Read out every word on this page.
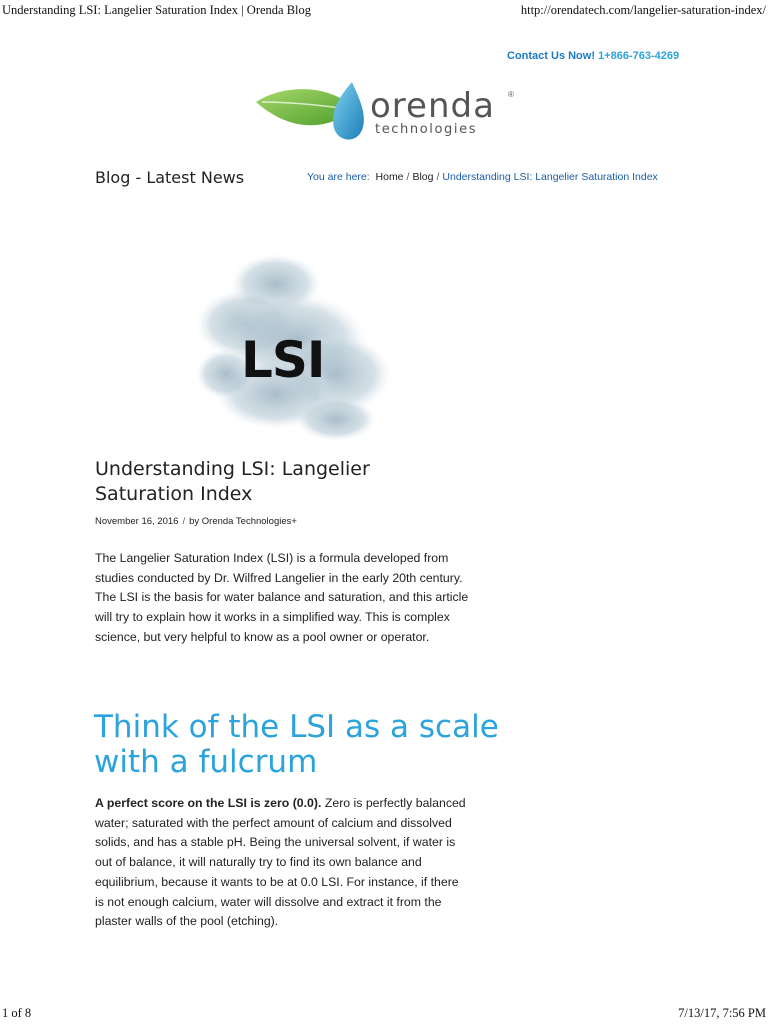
Understanding LSI: Langelier Saturation Index | Orenda Blog	http://orendatech.com/langelier-saturation-index/
Contact Us Now! 1+866-763-4269
orenda ®
technologies
Blog - Latest News	You are here: Home / Blog / Understanding LSI: Langelier Saturation Index
LSI
Understanding LSI: Langelier Saturation Index
November 16, 2016 / by Orenda Technologies+
The Langelier Saturation Index (LSI) is a formula developed from studies conducted by Dr. Wilfred Langelier in the early 20th century. The LSI is the basis for water balance and saturation, and this article will try to explain how it works in a simplified way. This is complex science, but very helpful to know as a pool owner or operator.
Think of the LSI as a scale with a fulcrum
A perfect score on the LSI is zero (0.0). Zero is perfectly balanced water; saturated with the perfect amount of calcium and dissolved solids, and has a stable pH. Being the universal solvent, if water is out of balance, it will naturally try to find its own balance and equilibrium, because it wants to be at 0.0 LSI. For instance, if there is not enough calcium, water will dissolve and extract it from the plaster walls of the pool (etching).
1 of 8	7/13/17, 7:56 PM
